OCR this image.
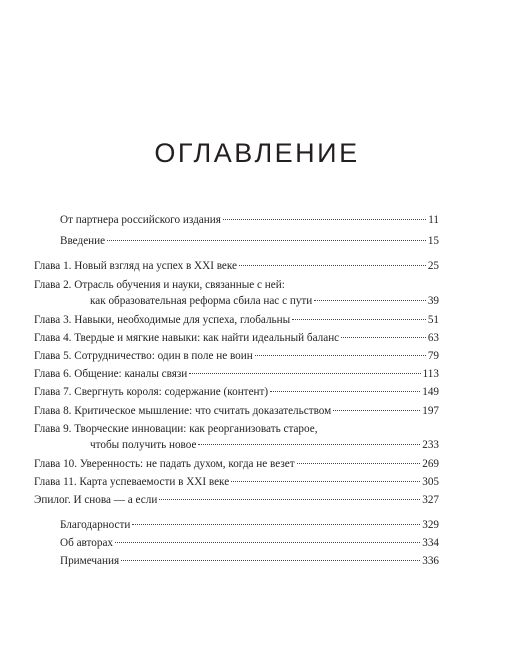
ОГЛАВЛЕНИЕ
От партнера российского издания	11
Введение	15
Глава 1. Новый взгляд на успех в XXI веке	25
Глава 2. Отрасль обучения и науки, связанные с ней:
как образовательная реформа сбила нас с пути	39
Глава 3. Навыки, необходимые для успеха, глобальны	51
Глава 4. Твердые и мягкие навыки: как найти идеальный баланс	63
Глава 5. Сотрудничество: один в поле не воин	79
Глава 6. Общение: каналы связи	113
Глава 7. Свергнуть короля: содержание (контент)	149
Глава 8. Критическое мышление: что считать доказательством	197
Глава 9. Творческие инновации: как реорганизовать старое,
чтобы получить новое	233
Глава 10. Уверенность: не падать духом, когда не везет	269
Глава 11. Карта успеваемости в XXI веке	305
Эпилог. И снова — а если	327
Благодарности	329
Об авторах	334
Примечания	336
